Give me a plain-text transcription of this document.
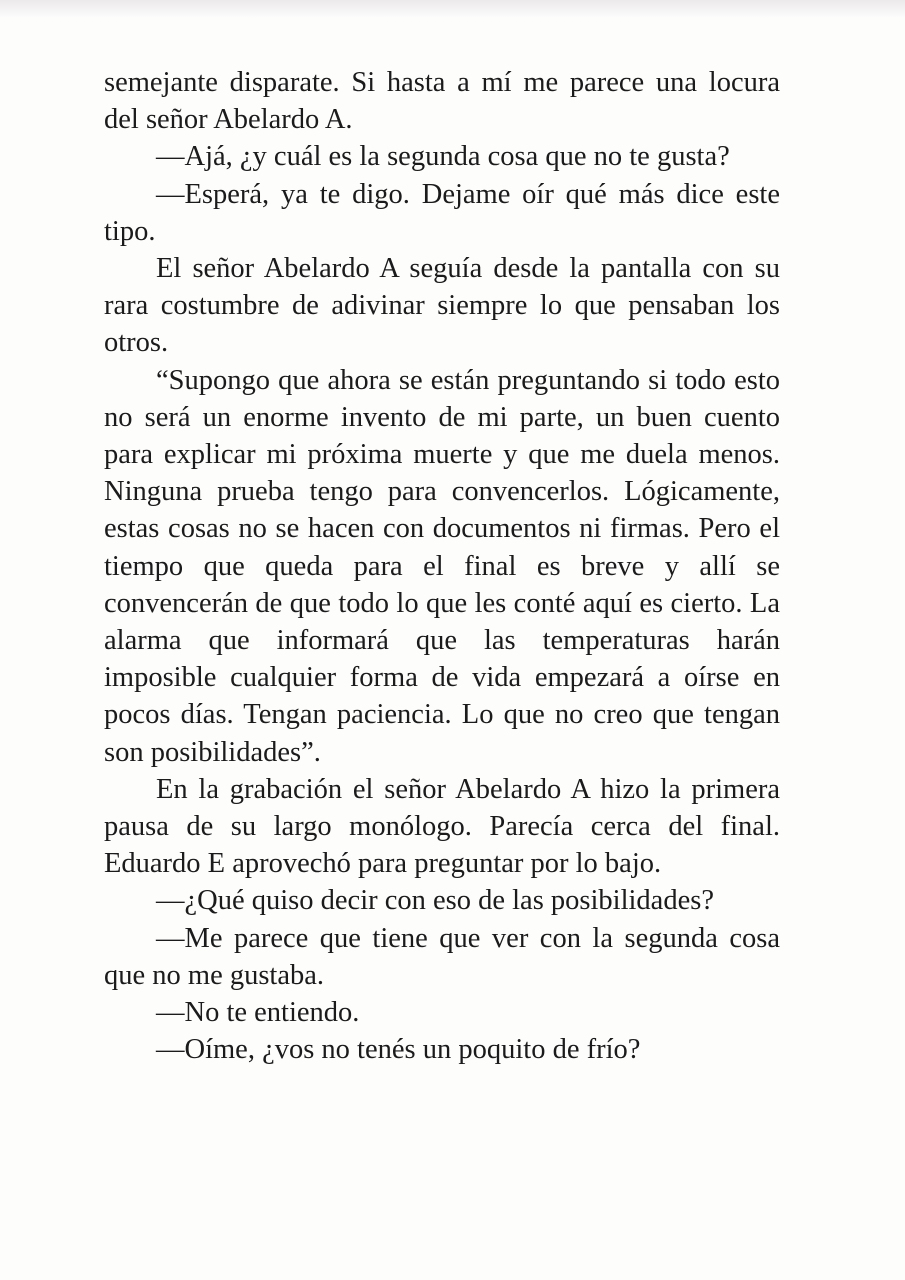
semejante disparate. Si hasta a mí me parece una locura del señor Abelardo A.

—Ajá, ¿y cuál es la segunda cosa que no te gusta?

—Esperá, ya te digo. Dejame oír qué más dice este tipo.

El señor Abelardo A seguía desde la pantalla con su rara costumbre de adivinar siempre lo que pensaban los otros.

“Supongo que ahora se están preguntando si todo esto no será un enorme invento de mi parte, un buen cuento para explicar mi próxima muerte y que me duela menos. Ninguna prueba tengo para convencerlos. Lógicamente, estas cosas no se hacen con documentos ni firmas. Pero el tiempo que queda para el final es breve y allí se convencerán de que todo lo que les conté aquí es cierto. La alarma que informará que las temperaturas harán imposible cualquier forma de vida empezará a oírse en pocos días. Tengan paciencia. Lo que no creo que tengan son posibilidades”.

En la grabación el señor Abelardo A hizo la primera pausa de su largo monólogo. Parecía cerca del final. Eduardo E aprovechó para preguntar por lo bajo.

—¿Qué quiso decir con eso de las posibilidades?

—Me parece que tiene que ver con la segunda cosa que no me gustaba.

—No te entiendo.

—Oíme, ¿vos no tenés un poquito de frío?
